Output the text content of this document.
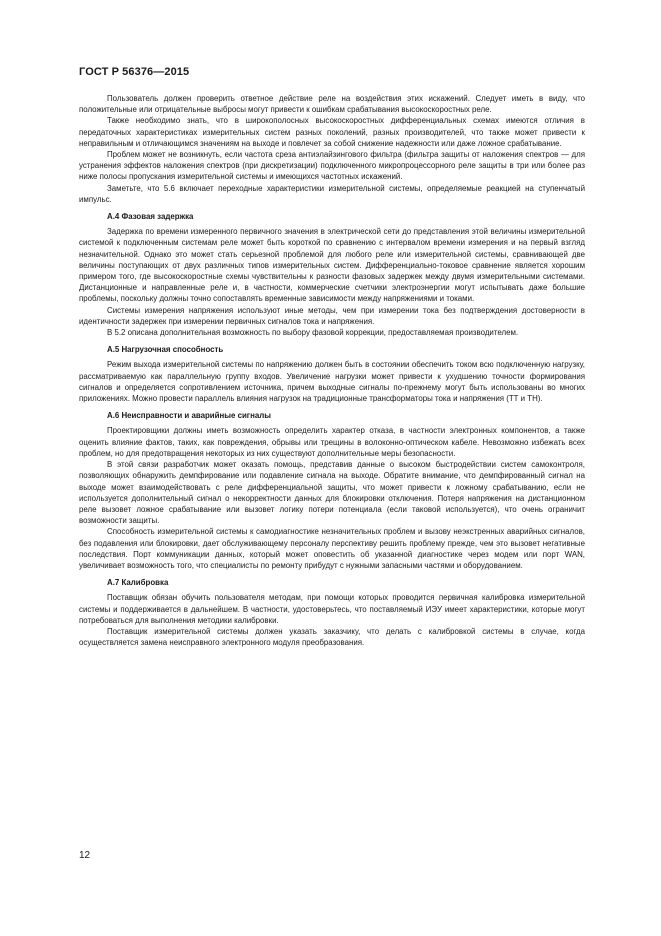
ГОСТ Р 56376—2015

Пользователь должен проверить ответное действие реле на воздействия этих искажений. Следует иметь в виду, что положительные или отрицательные выбросы могут привести к ошибкам срабатывания высокоскоростных реле.

Также необходимо знать, что в широкополосных высокоскоростных дифференциальных схемах имеются отличия в передаточных характеристиках измерительных систем разных поколений, разных производителей, что также может привести к неправильным и отличающимся значениям на выходе и повлечет за собой снижение надежности или даже ложное срабатывание.

Проблем может не возникнуть, если частота среза антиэлайзингового фильтра (фильтра защиты от наложения спектров — для устранения эффектов наложения спектров (при дискретизации) подключенного микропроцессорного реле защиты в три или более раз ниже полосы пропускания измерительной системы и имеющихся частотных искажений.

Заметьте, что 5.6 включает переходные характеристики измерительной системы, определяемые реакцией на ступенчатый импульс.

А.4 Фазовая задержка

Задержка по времени измеренного первичного значения в электрической сети до представления этой величины измерительной системой к подключенным системам реле может быть короткой по сравнению с интервалом времени измерения и на первый взгляд незначительной. Однако это может стать серьезной проблемой для любого реле или измерительной системы, сравнивающей две величины поступающих от двух различных типов измерительных систем. Дифференциально-токовое сравнение является хорошим примером того, где высокоскоростные схемы чувствительны к разности фазовых задержек между двумя измерительными системами. Дистанционные и направленные реле и, в частности, коммерческие счетчики электроэнергии могут испытывать даже большие проблемы, поскольку должны точно сопоставлять временные зависимости между напряжениями и токами.

Системы измерения напряжения используют иные методы, чем при измерении тока без подтверждения достоверности в идентичности задержек при измерении первичных сигналов тока и напряжения.

В 5.2 описана дополнительная возможность по выбору фазовой коррекции, предоставляемая производителем.

А.5 Нагрузочная способность

Режим выхода измерительной системы по напряжению должен быть в состоянии обеспечить током всю подключенную нагрузку, рассматриваемую как параллельную группу входов. Увеличение нагрузки может привести к ухудшению точности формирования сигналов и определяется сопротивлением источника, причем выходные сигналы по-прежнему могут быть использованы во многих приложениях. Можно провести параллель влияния нагрузок на традиционные трансформаторы тока и напряжения (ТТ и ТН).

А.6 Неисправности и аварийные сигналы

Проектировщики должны иметь возможность определить характер отказа, в частности электронных компонентов, а также оценить влияние фактов, таких, как повреждения, обрывы или трещины в волоконно-оптическом кабеле. Невозможно избежать всех проблем, но для предотвращения некоторых из них существуют дополнительные меры безопасности.

В этой связи разработчик может оказать помощь, представив данные о высоком быстродействии систем самоконтроля, позволяющих обнаружить демпфирование или подавление сигнала на выходе. Обратите внимание, что демпфированный сигнал на выходе может взаимодействовать с реле дифференциальной защиты, что может привести к ложному срабатыванию, если не используется дополнительный сигнал о некорректности данных для блокировки отключения. Потеря напряжения на дистанционном реле вызовет ложное срабатывание или вызовет логику потери потенциала (если таковой используется), что очень ограничит возможности защиты.

Способность измерительной системы к самодиагностике незначительных проблем и вызову неэкстренных аварийных сигналов, без подавления или блокировки, дает обслуживающему персоналу перспективу решить проблему прежде, чем это вызовет негативные последствия. Порт коммуникации данных, который может оповестить об указанной диагностике через модем или порт WAN, увеличивает возможность того, что специалисты по ремонту прибудут с нужными запасными частями и оборудованием.

А.7 Калибровка

Поставщик обязан обучить пользователя методам, при помощи которых проводится первичная калибровка измерительной системы и поддерживается в дальнейшем. В частности, удостоверьтесь, что поставляемый ИЭУ имеет характеристики, которые могут потребоваться для выполнения методики калибровки.

Поставщик измерительной системы должен указать заказчику, что делать с калибровкой системы в случае, когда осуществляется замена неисправного электронного модуля преобразования.

12
